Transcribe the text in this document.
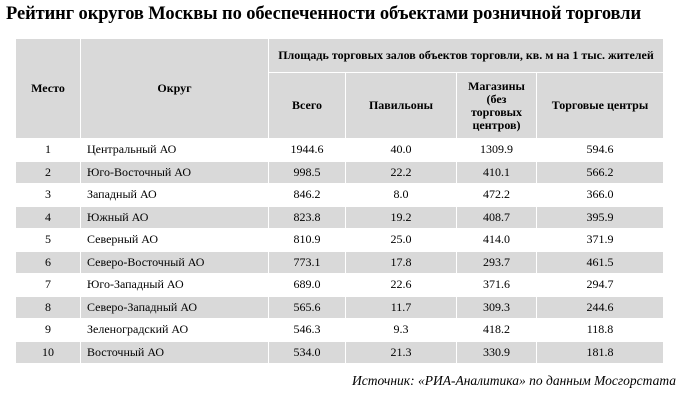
Рейтинг округов Москвы по обеспеченности объектами розничной торговли
Место	Округ	Площадь торговых залов объектов торговли, кв. м на 1 тыс. жителей			
		Всего	Павильоны	Магазины (без торговых центров)	Торговые центры
1	Центральный АО	1944.6	40.0	1309.9	594.6
2	Юго-Восточный АО	998.5	22.2	410.1	566.2
3	Западный АО	846.2	8.0	472.2	366.0
4	Южный АО	823.8	19.2	408.7	395.9
5	Северный АО	810.9	25.0	414.0	371.9
6	Северо-Восточный АО	773.1	17.8	293.7	461.5
7	Юго-Западный АО	689.0	22.6	371.6	294.7
8	Северо-Западный АО	565.6	11.7	309.3	244.6
9	Зеленоградский АО	546.3	9.3	418.2	118.8
10	Восточный АО	534.0	21.3	330.9	181.8
Источник: «РИА-Аналитика» по данным Мосгорстата
